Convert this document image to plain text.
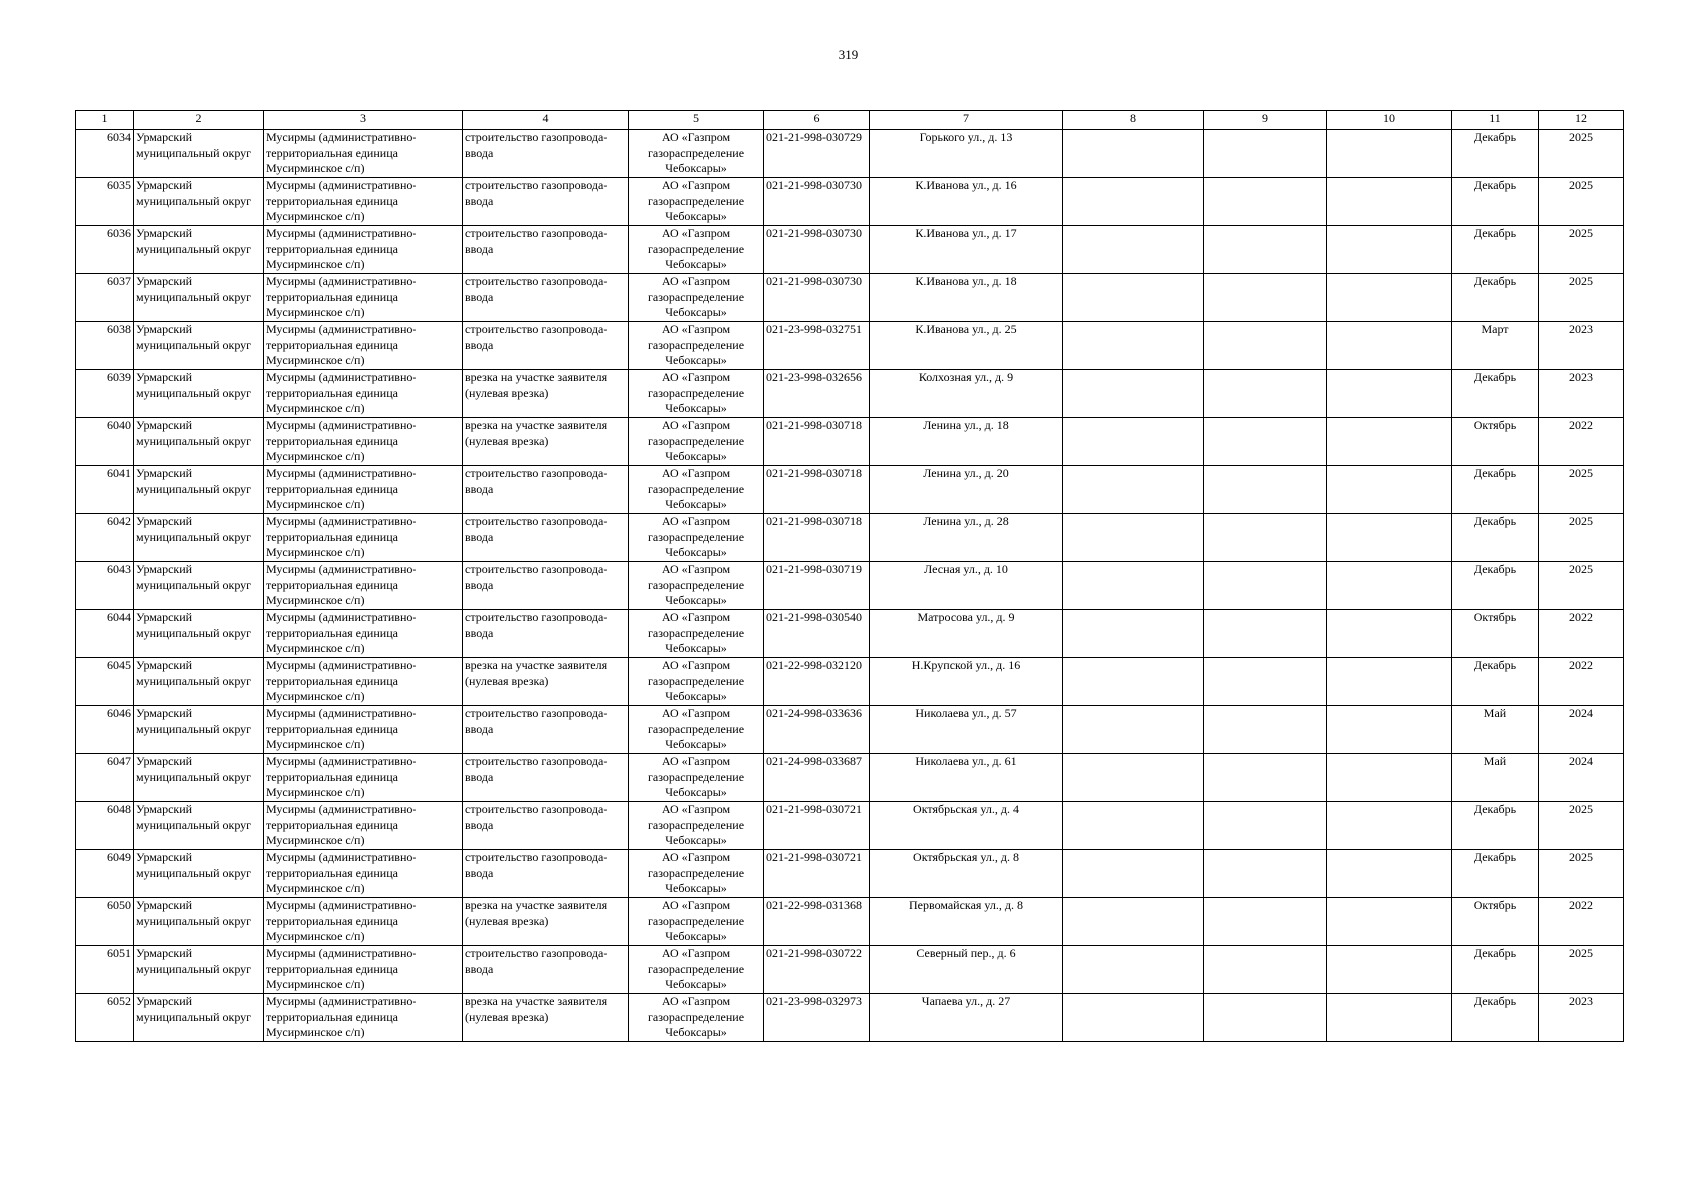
319
1	2	3	4	5	6	7	8	9	10	11	12
6034	Урмарский муниципальный округ	Мусирмы (административно-территориальная единица Мусирминское с/п)	строительство газопровода-ввода	АО «Газпром газораспределение Чебоксары»	021-21-998-030729	Горького ул., д. 13				Декабрь	2025
6035	Урмарский муниципальный округ	Мусирмы (административно-территориальная единица Мусирминское с/п)	строительство газопровода-ввода	АО «Газпром газораспределение Чебоксары»	021-21-998-030730	К.Иванова ул., д. 16				Декабрь	2025
6036	Урмарский муниципальный округ	Мусирмы (административно-территориальная единица Мусирминское с/п)	строительство газопровода-ввода	АО «Газпром газораспределение Чебоксары»	021-21-998-030730	К.Иванова ул., д. 17				Декабрь	2025
6037	Урмарский муниципальный округ	Мусирмы (административно-территориальная единица Мусирминское с/п)	строительство газопровода-ввода	АО «Газпром газораспределение Чебоксары»	021-21-998-030730	К.Иванова ул., д. 18				Декабрь	2025
6038	Урмарский муниципальный округ	Мусирмы (административно-территориальная единица Мусирминское с/п)	строительство газопровода-ввода	АО «Газпром газораспределение Чебоксары»	021-23-998-032751	К.Иванова ул., д. 25				Март	2023
6039	Урмарский муниципальный округ	Мусирмы (административно-территориальная единица Мусирминское с/п)	врезка на участке заявителя (нулевая врезка)	АО «Газпром газораспределение Чебоксары»	021-23-998-032656	Колхозная ул., д. 9				Декабрь	2023
6040	Урмарский муниципальный округ	Мусирмы (административно-территориальная единица Мусирминское с/п)	врезка на участке заявителя (нулевая врезка)	АО «Газпром газораспределение Чебоксары»	021-21-998-030718	Ленина ул., д. 18				Октябрь	2022
6041	Урмарский муниципальный округ	Мусирмы (административно-территориальная единица Мусирминское с/п)	строительство газопровода-ввода	АО «Газпром газораспределение Чебоксары»	021-21-998-030718	Ленина ул., д. 20				Декабрь	2025
6042	Урмарский муниципальный округ	Мусирмы (административно-территориальная единица Мусирминское с/п)	строительство газопровода-ввода	АО «Газпром газораспределение Чебоксары»	021-21-998-030718	Ленина ул., д. 28				Декабрь	2025
6043	Урмарский муниципальный округ	Мусирмы (административно-территориальная единица Мусирминское с/п)	строительство газопровода-ввода	АО «Газпром газораспределение Чебоксары»	021-21-998-030719	Лесная ул., д. 10				Декабрь	2025
6044	Урмарский муниципальный округ	Мусирмы (административно-территориальная единица Мусирминское с/п)	строительство газопровода-ввода	АО «Газпром газораспределение Чебоксары»	021-21-998-030540	Матросова ул., д. 9				Октябрь	2022
6045	Урмарский муниципальный округ	Мусирмы (административно-территориальная единица Мусирминское с/п)	врезка на участке заявителя (нулевая врезка)	АО «Газпром газораспределение Чебоксары»	021-22-998-032120	Н.Крупской ул., д. 16				Декабрь	2022
6046	Урмарский муниципальный округ	Мусирмы (административно-территориальная единица Мусирминское с/п)	строительство газопровода-ввода	АО «Газпром газораспределение Чебоксары»	021-24-998-033636	Николаева ул., д. 57				Май	2024
6047	Урмарский муниципальный округ	Мусирмы (административно-территориальная единица Мусирминское с/п)	строительство газопровода-ввода	АО «Газпром газораспределение Чебоксары»	021-24-998-033687	Николаева ул., д. 61				Май	2024
6048	Урмарский муниципальный округ	Мусирмы (административно-территориальная единица Мусирминское с/п)	строительство газопровода-ввода	АО «Газпром газораспределение Чебоксары»	021-21-998-030721	Октябрьская ул., д. 4				Декабрь	2025
6049	Урмарский муниципальный округ	Мусирмы (административно-территориальная единица Мусирминское с/п)	строительство газопровода-ввода	АО «Газпром газораспределение Чебоксары»	021-21-998-030721	Октябрьская ул., д. 8				Декабрь	2025
6050	Урмарский муниципальный округ	Мусирмы (административно-территориальная единица Мусирминское с/п)	врезка на участке заявителя (нулевая врезка)	АО «Газпром газораспределение Чебоксары»	021-22-998-031368	Первомайская ул., д. 8				Октябрь	2022
6051	Урмарский муниципальный округ	Мусирмы (административно-территориальная единица Мусирминское с/п)	строительство газопровода-ввода	АО «Газпром газораспределение Чебоксары»	021-21-998-030722	Северный пер., д. 6				Декабрь	2025
6052	Урмарский муниципальный округ	Мусирмы (административно-территориальная единица Мусирминское с/п)	врезка на участке заявителя (нулевая врезка)	АО «Газпром газораспределение Чебоксары»	021-23-998-032973	Чапаева ул., д. 27				Декабрь	2023
